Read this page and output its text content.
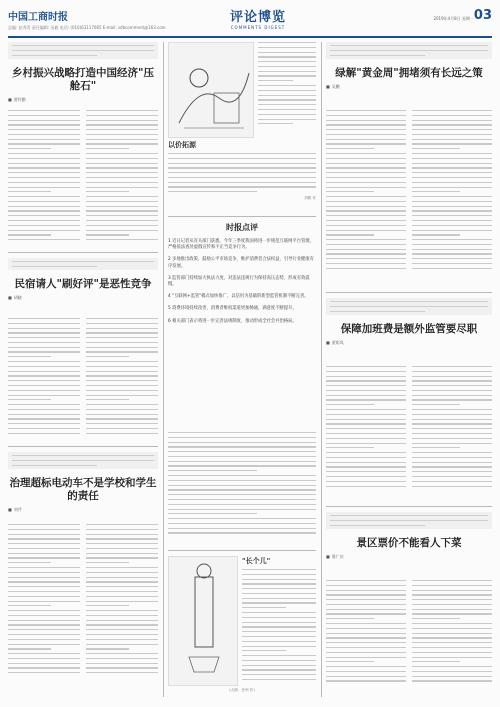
中国工商时报
总编: 赵秀青 责任编辑: 丛毅 电话: (010)63117085 E-mail: sdbcomment@163.com
评论博览
COMMENTS DIGEST
2019年4月8日 星期一 03
乡村振兴战略打造中国经济"压舱石"
■ 贾怀勤
民宿请人"刷好评"是恶性竞争
■ 胡晓
治理超标电动车不是学校和学生的责任
■ 刘芹
以价拓源
刘鹤 作
时报点评
1 近日记者从有关部门获悉，今年三季度我国将进一步规范互联网平台管理，严格依法查处虚假宣传和不正当竞争行为。
2 多地推出政策，鼓励公平市场竞争，维护消费者合法权益，引导行业健康有序发展。
3 监管部门持续加大执法力度，对违法违规行为保持高压态势，形成有效震慑。
4 "互联网+监管"模式加快推广，以信用为基础的新型监管机制不断完善。
5 消费环境持续改善，消费者维权渠道更加畅通，满意度不断提升。
6 相关部门表示将进一步完善法规制度，推动形成全社会共治格局。
"长个儿"
(大图：任州 作)
绿解"黄金周"拥堵须有长远之策
■ 吴鹏
保障加班费是额外监管要尽职
■ 贾彩风
景区票价不能看人下菜
■ 鲁广庆
